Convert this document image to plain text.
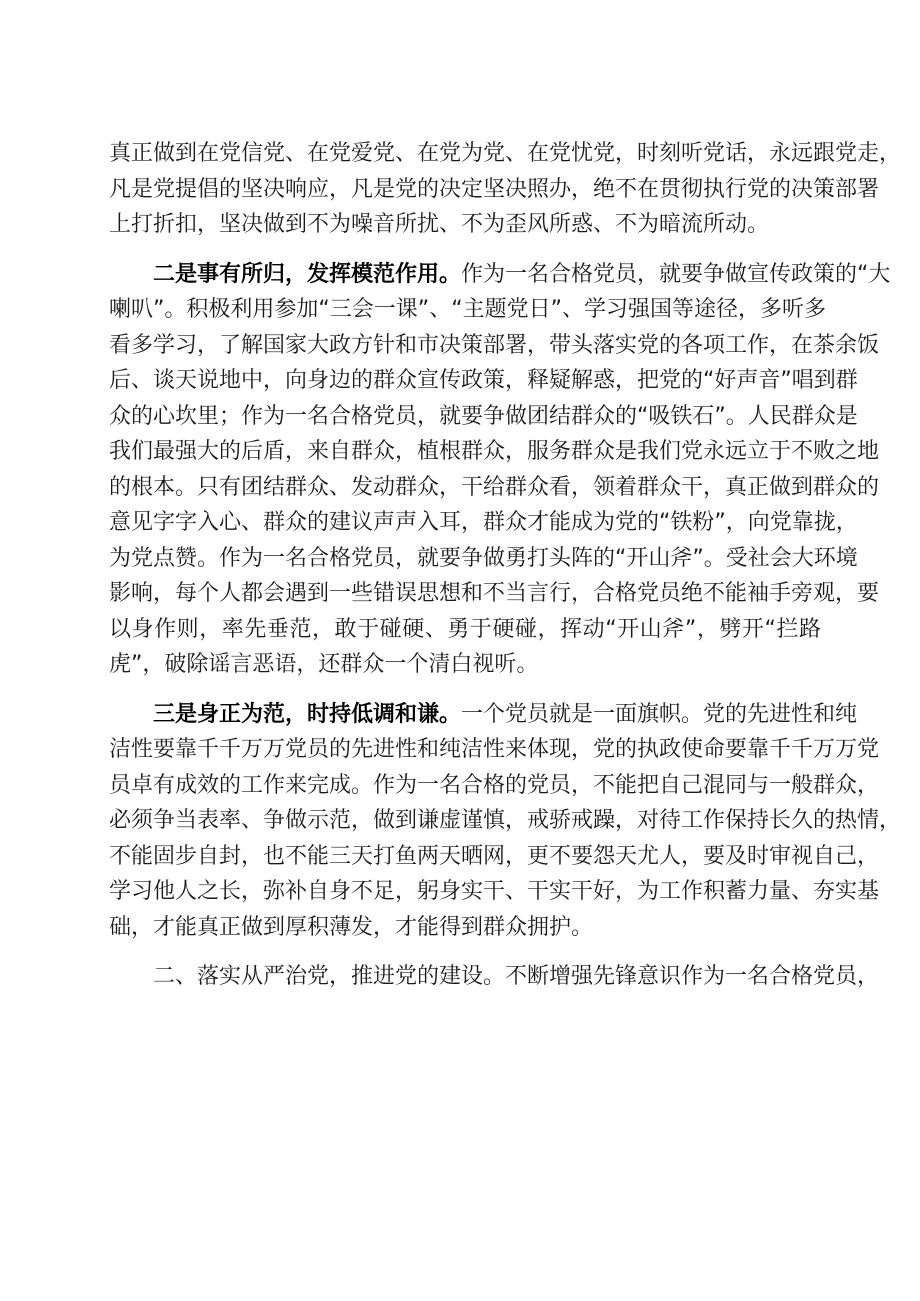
真正做到在党信党、在党爱党、在党为党、在党忧党，时刻听党话，永远跟党走，
凡是党提倡的坚决响应，凡是党的决定坚决照办，绝不在贯彻执行党的决策部署
上打折扣，坚决做到不为噪音所扰、不为歪风所惑、不为暗流所动。
二是事有所归，发挥模范作用。作为一名合格党员，就要争做宣传政策的“大
喇叭”。积极利用参加“三会一课”、“主题党日”、学习强国等途径，多听多
看多学习，了解国家大政方针和市决策部署，带头落实党的各项工作，在茶余饭
后、谈天说地中，向身边的群众宣传政策，释疑解惑，把党的“好声音”唱到群
众的心坎里；作为一名合格党员，就要争做团结群众的“吸铁石”。人民群众是
我们最强大的后盾，来自群众，植根群众，服务群众是我们党永远立于不败之地
的根本。只有团结群众、发动群众，干给群众看，领着群众干，真正做到群众的
意见字字入心、群众的建议声声入耳，群众才能成为党的“铁粉”，向党靠拢，
为党点赞。作为一名合格党员，就要争做勇打头阵的“开山斧”。受社会大环境
影响，每个人都会遇到一些错误思想和不当言行，合格党员绝不能袖手旁观，要
以身作则，率先垂范，敢于碰硬、勇于硬碰，挥动“开山斧”，劈开“拦路
虎”，破除谣言恶语，还群众一个清白视听。
三是身正为范，时持低调和谦。一个党员就是一面旗帜。党的先进性和纯
洁性要靠千千万万党员的先进性和纯洁性来体现，党的执政使命要靠千千万万党
员卓有成效的工作来完成。作为一名合格的党员，不能把自己混同与一般群众，
必须争当表率、争做示范，做到谦虚谨慎，戒骄戒躁，对待工作保持长久的热情，
不能固步自封，也不能三天打鱼两天晒网，更不要怨天尤人，要及时审视自己，
学习他人之长，弥补自身不足，躬身实干、干实干好，为工作积蓄力量、夯实基
础，才能真正做到厚积薄发，才能得到群众拥护。
二、落实从严治党，推进党的建设。不断增强先锋意识作为一名合格党员，
